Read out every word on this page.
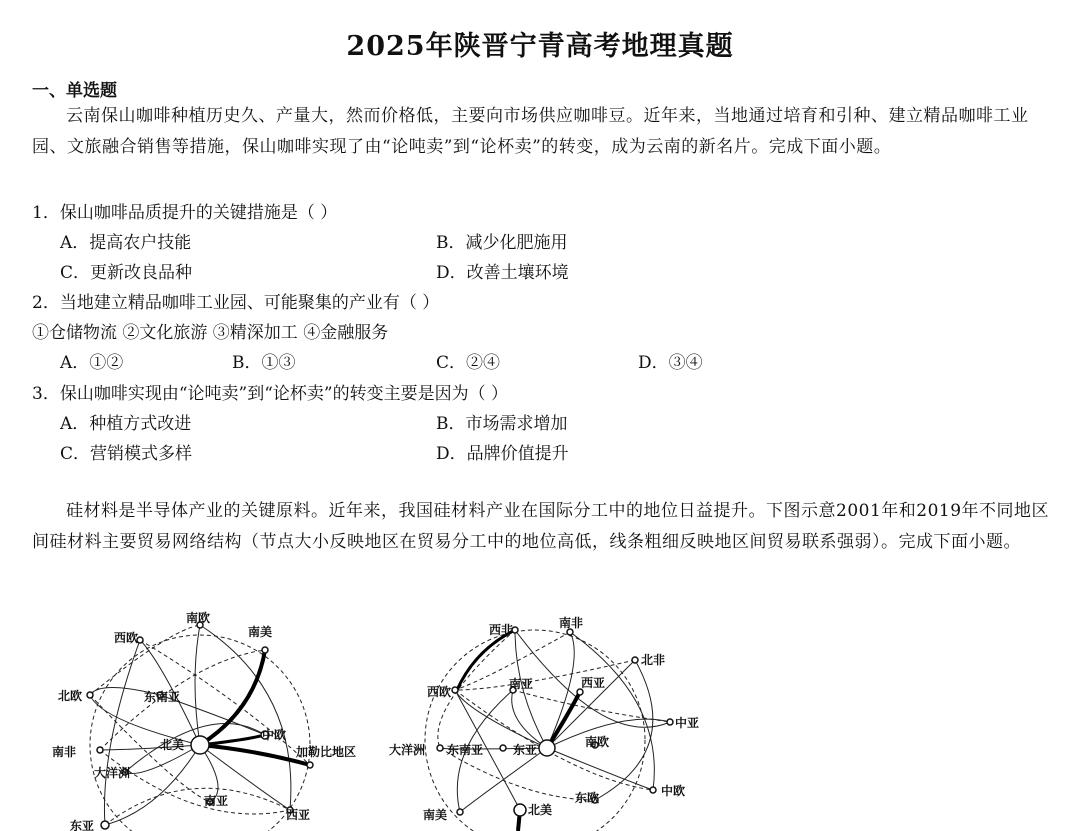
2025年陕晋宁青高考地理真题
一、单选题

云南保山咖啡种植历史久、产量大，然而价格低，主要向市场供应咖啡豆。近年来，当地通过培育和引种、建立精品咖啡工业园、文旅融合销售等措施，保山咖啡实现了由“论吨卖”到“论杯卖”的转变，成为云南的新名片。完成下面小题。

1．保山咖啡品质提升的关键措施是（ ）
A．提高农户技能	B．减少化肥施用
C．更新改良品种	D．改善土壤环境
2．当地建立精品咖啡工业园、可能聚集的产业有（ ）
①仓储物流 ②文化旅游 ③精深加工 ④金融服务
A．①②	B．①③	C．②④	D．③④
3．保山咖啡实现由“论吨卖”到“论杯卖”的转变主要是因为（ ）
A．种植方式改进	B．市场需求增加
C．营销模式多样	D．品牌价值提升

硅材料是半导体产业的关键原料。近年来，我国硅材料产业在国际分工中的地位日益提升。下图示意2001年和2019年不同地区间硅材料主要贸易网络结构（节点大小反映地区在贸易分工中的地位高低，线条粗细反映地区间贸易联系强弱）。完成下面小题。

南欧
西欧	南美
北欧	东南亚
中欧
南非	北美	加勒比地区
大洋洲
南亚
西亚
东亚
西非	南非
北非
南亚	西亚
西欧
中亚
大洋洲 东南亚 东亚
南欧
中欧
东欧
南美	北美
